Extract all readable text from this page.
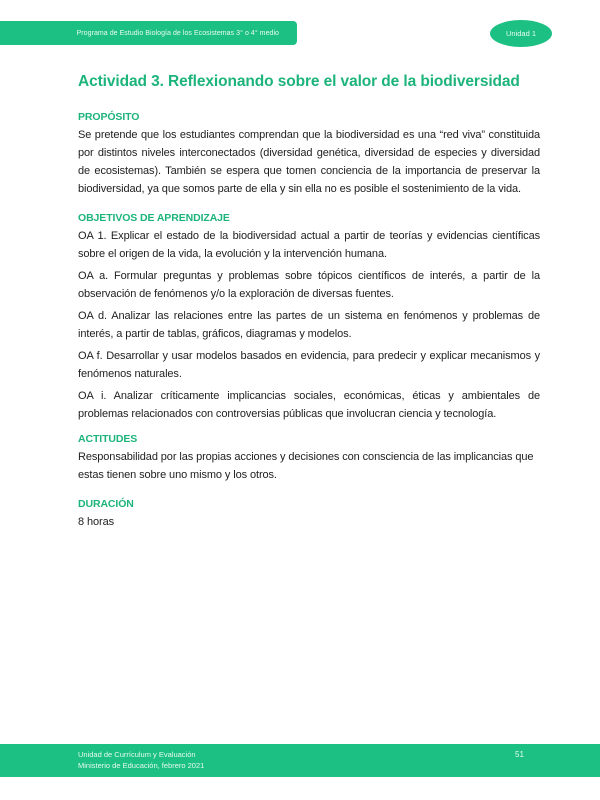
Programa de Estudio Biología de los Ecosistemas 3° o 4° medio	Unidad 1
Actividad 3. Reflexionando sobre el valor de la biodiversidad
PROPÓSITO

Se pretende que los estudiantes comprendan que la biodiversidad es una “red viva” constituida por distintos niveles interconectados (diversidad genética, diversidad de especies y diversidad de ecosistemas). También se espera que tomen conciencia de la importancia de preservar la biodiversidad, ya que somos parte de ella y sin ella no es posible el sostenimiento de la vida.

OBJETIVOS DE APRENDIZAJE

OA 1. Explicar el estado de la biodiversidad actual a partir de teorías y evidencias científicas sobre el origen de la vida, la evolución y la intervención humana.

OA a. Formular preguntas y problemas sobre tópicos científicos de interés, a partir de la observación de fenómenos y/o la exploración de diversas fuentes.

OA d. Analizar las relaciones entre las partes de un sistema en fenómenos y problemas de interés, a partir de tablas, gráficos, diagramas y modelos.

OA f. Desarrollar y usar modelos basados en evidencia, para predecir y explicar mecanismos y fenómenos naturales.

OA i. Analizar críticamente implicancias sociales, económicas, éticas y ambientales de problemas relacionados con controversias públicas que involucran ciencia y tecnología.

ACTITUDES

Responsabilidad por las propias acciones y decisiones con consciencia de las implicancias que

estas tienen sobre uno mismo y los otros.

DURACIÓN

8 horas

Unidad de Currículum y Evaluación
Ministerio de Educación, febrero 2021
51
